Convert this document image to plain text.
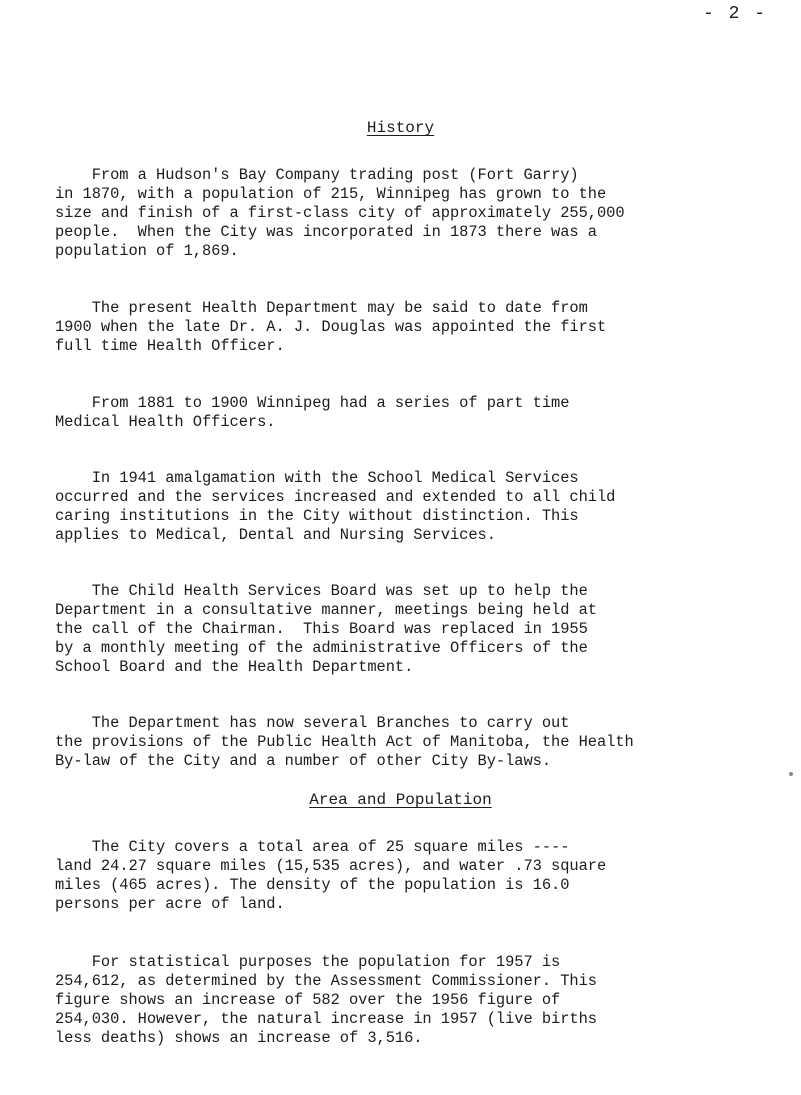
- 2 -
History

From a Hudson's Bay Company trading post (Fort Garry)
in 1870, with a population of 215, Winnipeg has grown to the
size and finish of a first-class city of approximately 255,000
people.  When the City was incorporated in 1873 there was a
population of 1,869.

The present Health Department may be said to date from
1900 when the late Dr. A. J. Douglas was appointed the first
full time Health Officer.

From 1881 to 1900 Winnipeg had a series of part time
Medical Health Officers.

In 1941 amalgamation with the School Medical Services
occurred and the services increased and extended to all child
caring institutions in the City without distinction. This
applies to Medical, Dental and Nursing Services.

The Child Health Services Board was set up to help the
Department in a consultative manner, meetings being held at
the call of the Chairman.  This Board was replaced in 1955
by a monthly meeting of the administrative Officers of the
School Board and the Health Department.

The Department has now several Branches to carry out
the provisions of the Public Health Act of Manitoba, the Health
By-law of the City and a number of other City By-laws.

Area and Population

The City covers a total area of 25 square miles ----
land 24.27 square miles (15,535 acres), and water .73 square
miles (465 acres). The density of the population is 16.0
persons per acre of land.

For statistical purposes the population for 1957 is
254,612, as determined by the Assessment Commissioner. This
figure shows an increase of 582 over the 1956 figure of
254,030. However, the natural increase in 1957 (live births
less deaths) shows an increase of 3,516.
